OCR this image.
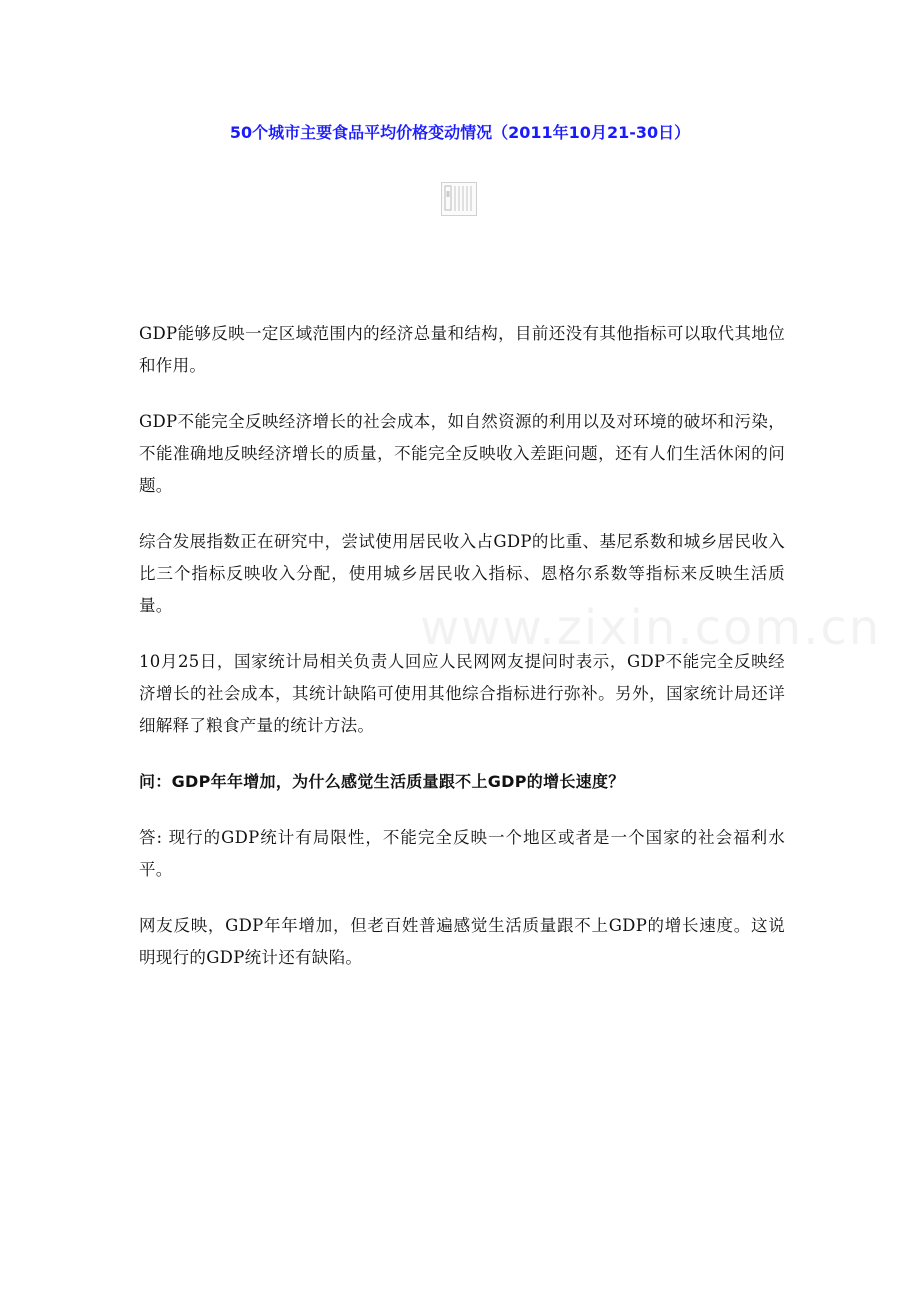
50个城市主要食品平均价格变动情况（2011年10月21-30日）

GDP能够反映一定区域范围内的经济总量和结构，目前还没有其他指标可以取代其地位和作用。

GDP不能完全反映经济增长的社会成本，如自然资源的利用以及对环境的破坏和污染，不能准确地反映经济增长的质量，不能完全反映收入差距问题，还有人们生活休闲的问题。

综合发展指数正在研究中，尝试使用居民收入占GDP的比重、基尼系数和城乡居民收入比三个指标反映收入分配，使用城乡居民收入指标、恩格尔系数等指标来反映生活质量。

10月25日，国家统计局相关负责人回应人民网网友提问时表示，GDP不能完全反映经济增长的社会成本，其统计缺陷可使用其他综合指标进行弥补。另外，国家统计局还详细解释了粮食产量的统计方法。

问：GDP年年增加，为什么感觉生活质量跟不上GDP的增长速度？

答: 现行的GDP统计有局限性，不能完全反映一个地区或者是一个国家的社会福利水平。

网友反映，GDP年年增加，但老百姓普遍感觉生活质量跟不上GDP的增长速度。这说明现行的GDP统计还有缺陷。

www.zixin.com.cn
